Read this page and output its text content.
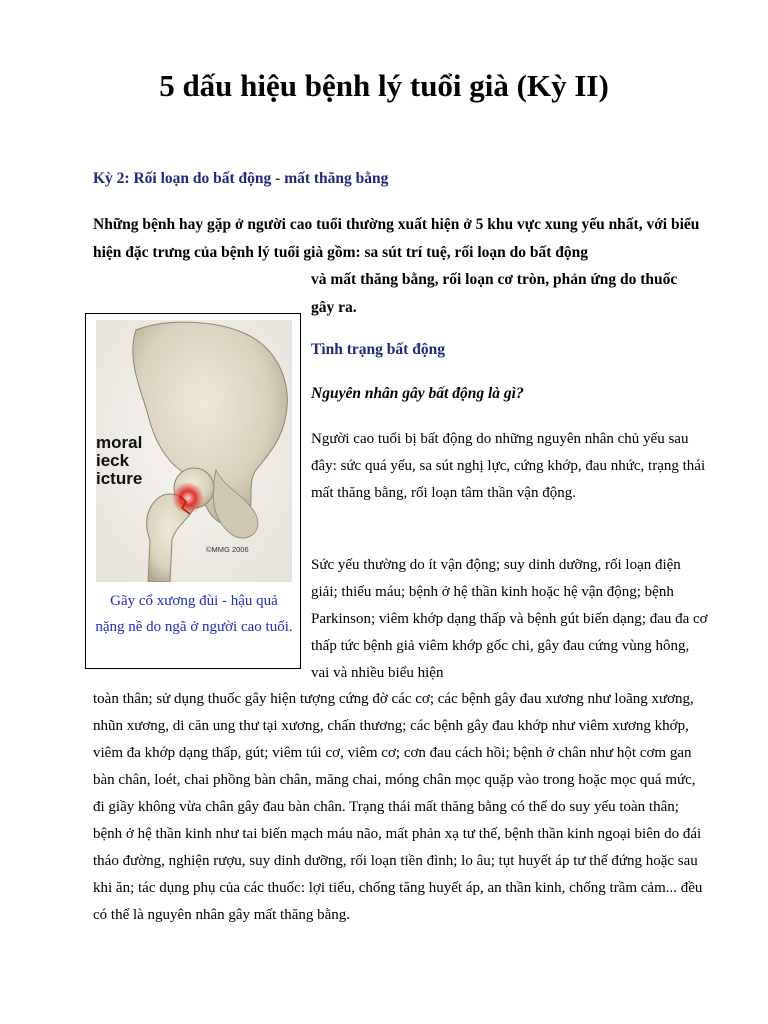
5 dấu hiệu bệnh lý tuổi già (Kỳ II)
Kỳ 2: Rối loạn do bất động - mất thăng bằng
Những bệnh hay gặp ở người cao tuổi thường xuất hiện ở 5 khu vực xung yếu nhất, với biểu hiện đặc trưng của bệnh lý tuổi già gồm: sa sút trí tuệ, rối loạn do bất động
và mất thăng bằng, rối loạn cơ tròn, phản ứng do thuốc gây ra.
moral
ieck
icture
©MMG 2006
Gãy cổ xương đùi - hậu quả nặng nề do ngã ở người cao tuổi.
Tình trạng bất động
Nguyên nhân gây bất động là gì?
Người cao tuổi bị bất động do những nguyên nhân chủ yếu sau đây: sức quá yếu, sa sút nghị lực, cứng khớp, đau nhức, trạng thái mất thăng bằng, rối loạn tâm thần vận động.
Sức yếu thường do ít vận động; suy dinh dưỡng, rối loạn điện giải; thiếu máu; bệnh ở hệ thần kinh hoặc hệ vận động; bệnh Parkinson; viêm khớp dạng thấp và bệnh gút biến dạng; đau đa cơ thấp tức bệnh giả viêm khớp gốc chi, gây đau cứng vùng hông, vai và nhiều biểu hiện
toàn thân; sử dụng thuốc gây hiện tượng cứng đờ các cơ; các bệnh gây đau xương như loãng xương, nhũn xương, di căn ung thư tại xương, chấn thương; các bệnh gây đau khớp như viêm xương khớp, viêm đa khớp dạng thấp, gút; viêm túi cơ, viêm cơ; cơn đau cách hồi; bệnh ở chân như hột cơm gan bàn chân, loét, chai phồng bàn chân, măng chai, móng chân mọc quặp vào trong hoặc mọc quá mức, đi giầy không vừa chân gây đau bàn chân. Trạng thái mất thăng bằng có thể do suy yếu toàn thân; bệnh ở hệ thần kinh như tai biến mạch máu não, mất phản xạ tư thế, bệnh thần kinh ngoại biên do đái tháo đường, nghiện rượu, suy dinh dưỡng, rối loạn tiền đình; lo âu; tụt huyết áp tư thế đứng hoặc sau khi ăn; tác dụng phụ của các thuốc: lợi tiểu, chống tăng huyết áp, an thần kinh, chống trầm cảm... đều có thể là nguyên nhân gây mất thăng bằng.
